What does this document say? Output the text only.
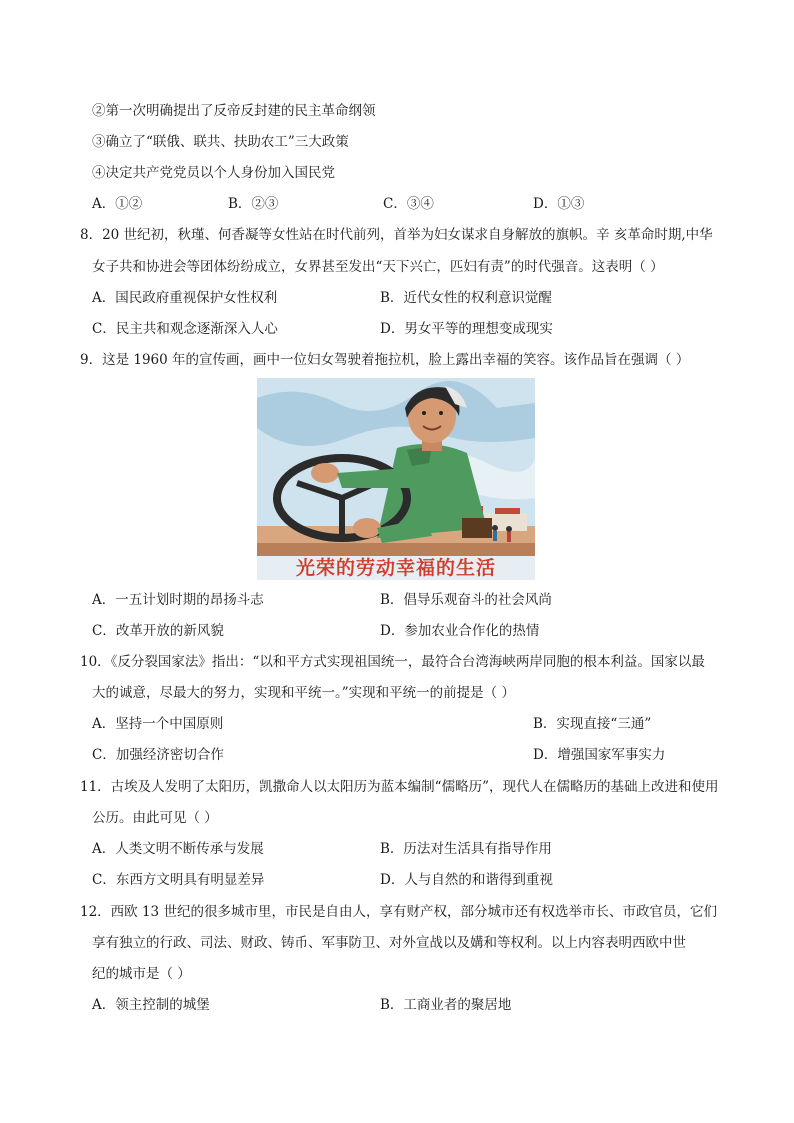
②第一次明确提出了反帝反封建的民主革命纲领
③确立了“联俄、联共、扶助农工”三大政策
④决定共产党党员以个人身份加入国民党
A．①②	B．②③	C．③④	D．①③
8．20 世纪初，秋瑾、何香凝等女性站在时代前列，首举为妇女谋求自身解放的旗帜。辛 亥革命时期,中华
女子共和协进会等团体纷纷成立，女界甚至发出“天下兴亡，匹妇有责”的时代强音。这表明（ ）
A．国民政府重视保护女性权利	B．近代女性的权利意识觉醒
C．民主共和观念逐渐深入人心	D．男女平等的理想变成现实
9．这是 1960 年的宣传画，画中一位妇女驾驶着拖拉机，脸上露出幸福的笑容。该作品旨在强调（ ）
光荣的劳动幸福的生活
A．一五计划时期的昂扬斗志	B．倡导乐观奋斗的社会风尚
C．改革开放的新风貌	D．参加农业合作化的热情
10．《反分裂国家法》指出：“以和平方式实现祖国统一，最符合台湾海峡两岸同胞的根本利益。国家以最
大的诚意，尽最大的努力，实现和平统一。”实现和平统一的前提是（ ）
A．坚持一个中国原则	B．实现直接“三通”
C．加强经济密切合作	D．增强国家军事实力
11．古埃及人发明了太阳历，凯撒命人以太阳历为蓝本编制“儒略历”，现代人在儒略历的基础上改进和使用
公历。由此可见（ ）
A．人类文明不断传承与发展	B．历法对生活具有指导作用
C．东西方文明具有明显差异	D．人与自然的和谐得到重视
12．西欧 13 世纪的很多城市里，市民是自由人，享有财产权，部分城市还有权选举市长、市政官员，它们
享有独立的行政、司法、财政、铸币、军事防卫、对外宣战以及媾和等权利。以上内容表明西欧中世
纪的城市是（ ）
A．领主控制的城堡	B．工商业者的聚居地
